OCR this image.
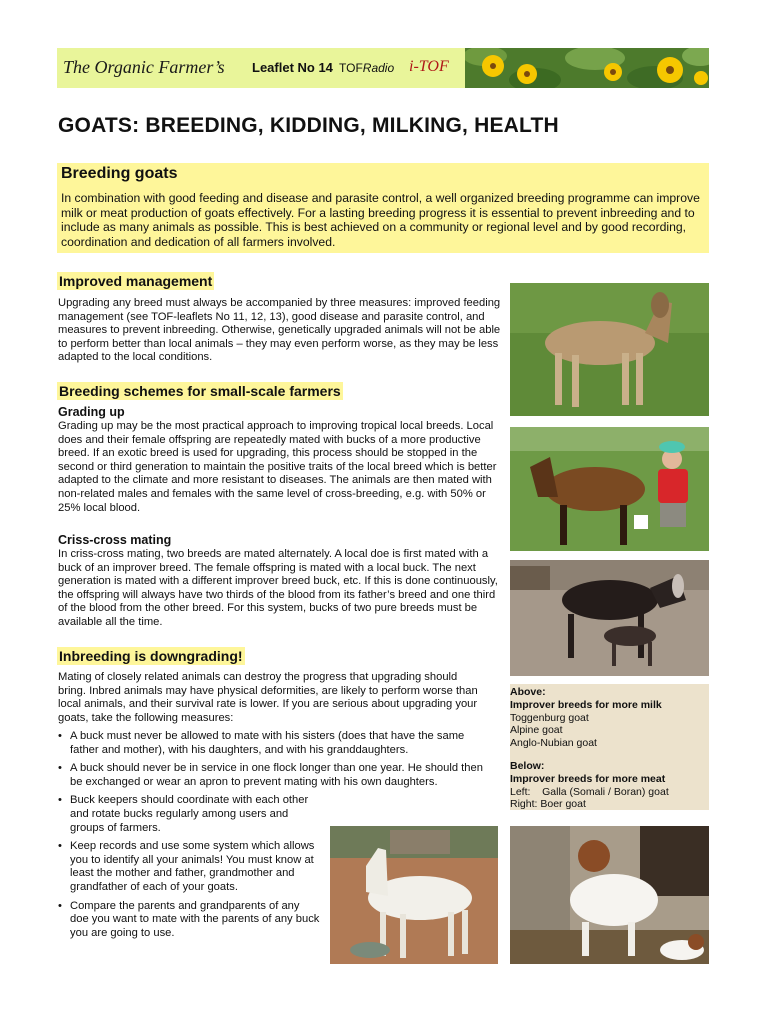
The Organic Farmer’s Leaflet No 14 TOFRadio i-TOF
GOATS: BREEDING, KIDDING, MILKING, HEALTH
Breeding goats

In combination with good feeding and disease and parasite control, a well organized breeding programme can improve milk or meat production of goats effectively. For a lasting breeding progress it is essential to prevent inbreeding and to include as many animals as possible. This is best achieved on a community or regional level and by good recording, coordination and dedication of all farmers involved.

Improved management

Upgrading any breed must always be accompanied by three measures: improved feeding management (see TOF-leaflets No 11, 12, 13), good disease and parasite control, and measures to prevent inbreeding. Otherwise, genetically upgraded animals will not be able to perform better than local animals – they may even perform worse, as they may be less adapted to the local conditions.

Breeding schemes for small-scale farmers
Grading up

Grading up may be the most practical approach to improving tropical local breeds. Local does and their female offspring are repeatedly mated with bucks of a more productive breed. If an exotic breed is used for upgrading, this process should be stopped in the second or third generation to maintain the positive traits of the local breed which is better adapted to the climate and more resistant to diseases. The animals are then mated with non-related males and females with the same level of cross-breeding, e.g. with 50% or 25% local blood.

Criss-cross mating

In criss-cross mating, two breeds are mated alternately. A local doe is first mated with a buck of an improver breed. The female offspring is mated with a local buck. The next generation is mated with a different improver breed buck, etc. If this is done continuously, the offspring will always have two thirds of the blood from its father’s breed and one third of the blood from the other breed. For this system, bucks of two pure breeds must be available all the time.

Inbreeding is downgrading!

Mating of closely related animals can destroy the progress that upgrading should bring. Inbred animals may have physical deformities, are likely to perform worse than local animals, and their survival rate is lower. If you are serious about upgrading your goats, take the following measures:

• A buck must never be allowed to mate with his sisters (does that have the same father and mother), with his daughters, and with his granddaughters.
• A buck should never be in service in one flock longer than one year. He should then be exchanged or wear an apron to prevent mating with his own daughters.
• Buck keepers should coordinate with each other and rotate bucks regularly among users and groups of farmers.
• Keep records and use some system which allows you to identify all your animals! You must know at least the mother and father, grandmother and grandfather of each of your goats.
• Compare the parents and grandparents of any doe you want to mate with the parents of any buck you are going to use.
Above:
Improver breeds for more milk
Toggenburg goat
Alpine goat
Anglo-Nubian goat
Below:
Improver breeds for more meat
Left:    Galla (Somali / Boran) goat
Right: Boer goat
